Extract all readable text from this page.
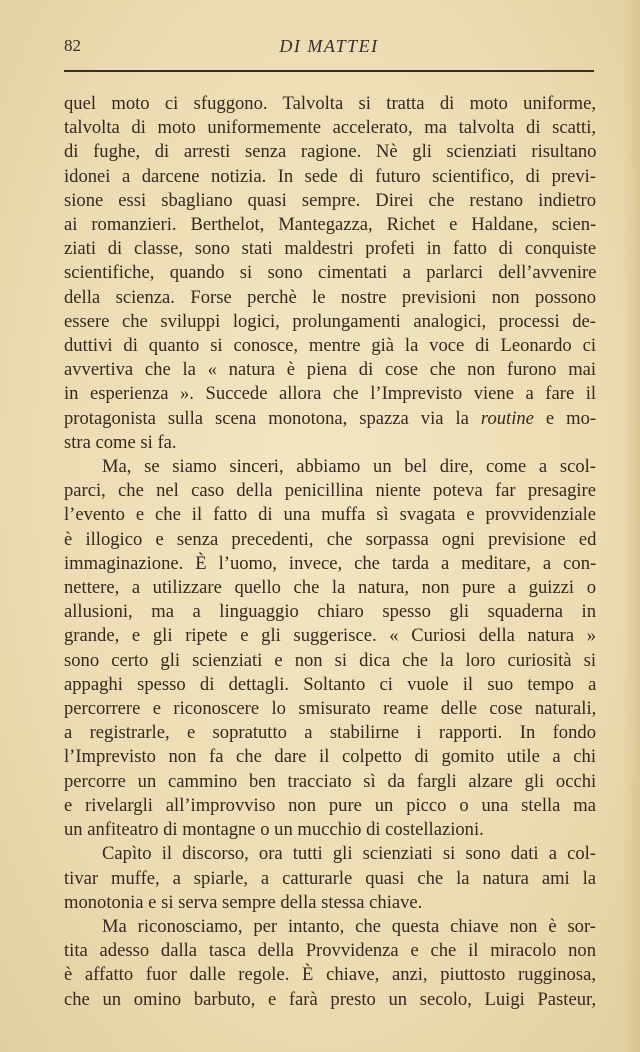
82	DI MATTEI
quel moto ci sfuggono. Talvolta si tratta di moto uniforme,
talvolta di moto uniformemente accelerato, ma talvolta di scatti,
di fughe, di arresti senza ragione. Nè gli scienziati risultano
idonei a darcene notizia. In sede di futuro scientifico, di previ-
sione essi sbagliano quasi sempre. Direi che restano indietro
ai romanzieri. Berthelot, Mantegazza, Richet e Haldane, scien-
ziati di classe, sono stati maldestri profeti in fatto di conquiste
scientifiche, quando si sono cimentati a parlarci dell’avvenire
della scienza. Forse perchè le nostre previsioni non possono
essere che sviluppi logici, prolungamenti analogici, processi de-
duttivi di quanto si conosce, mentre già la voce di Leonardo ci
avvertiva che la « natura è piena di cose che non furono mai
in esperienza ». Succede allora che l’Imprevisto viene a fare il
protagonista sulla scena monotona, spazza via la routine e mo-
stra come si fa.
Ma, se siamo sinceri, abbiamo un bel dire, come a scol-
parci, che nel caso della penicillina niente poteva far presagire
l’evento e che il fatto di una muffa sì svagata e provvidenziale
è illogico e senza precedenti, che sorpassa ogni previsione ed
immaginazione. È l’uomo, invece, che tarda a meditare, a con-
nettere, a utilizzare quello che la natura, non pure a guizzi o
allusioni, ma a linguaggio chiaro spesso gli squaderna in
grande, e gli ripete e gli suggerisce. « Curiosi della natura »
sono certo gli scienziati e non si dica che la loro curiosità si
appaghi spesso di dettagli. Soltanto ci vuole il suo tempo a
percorrere e riconoscere lo smisurato reame delle cose naturali,
a registrarle, e sopratutto a stabilirne i rapporti. In fondo
l’Imprevisto non fa che dare il colpetto di gomito utile a chi
percorre un cammino ben tracciato sì da fargli alzare gli occhi
e rivelargli all’improvviso non pure un picco o una stella ma
un anfiteatro di montagne o un mucchio di costellazioni.
Capìto il discorso, ora tutti gli scienziati si sono dati a col-
tivar muffe, a spiarle, a catturarle quasi che la natura ami la
monotonia e si serva sempre della stessa chiave.
Ma riconosciamo, per intanto, che questa chiave non è sor-
tita adesso dalla tasca della Provvidenza e che il miracolo non
è affatto fuor dalle regole. È chiave, anzi, piuttosto rugginosa,
che un omino barbuto, e farà presto un secolo, Luigi Pasteur,
